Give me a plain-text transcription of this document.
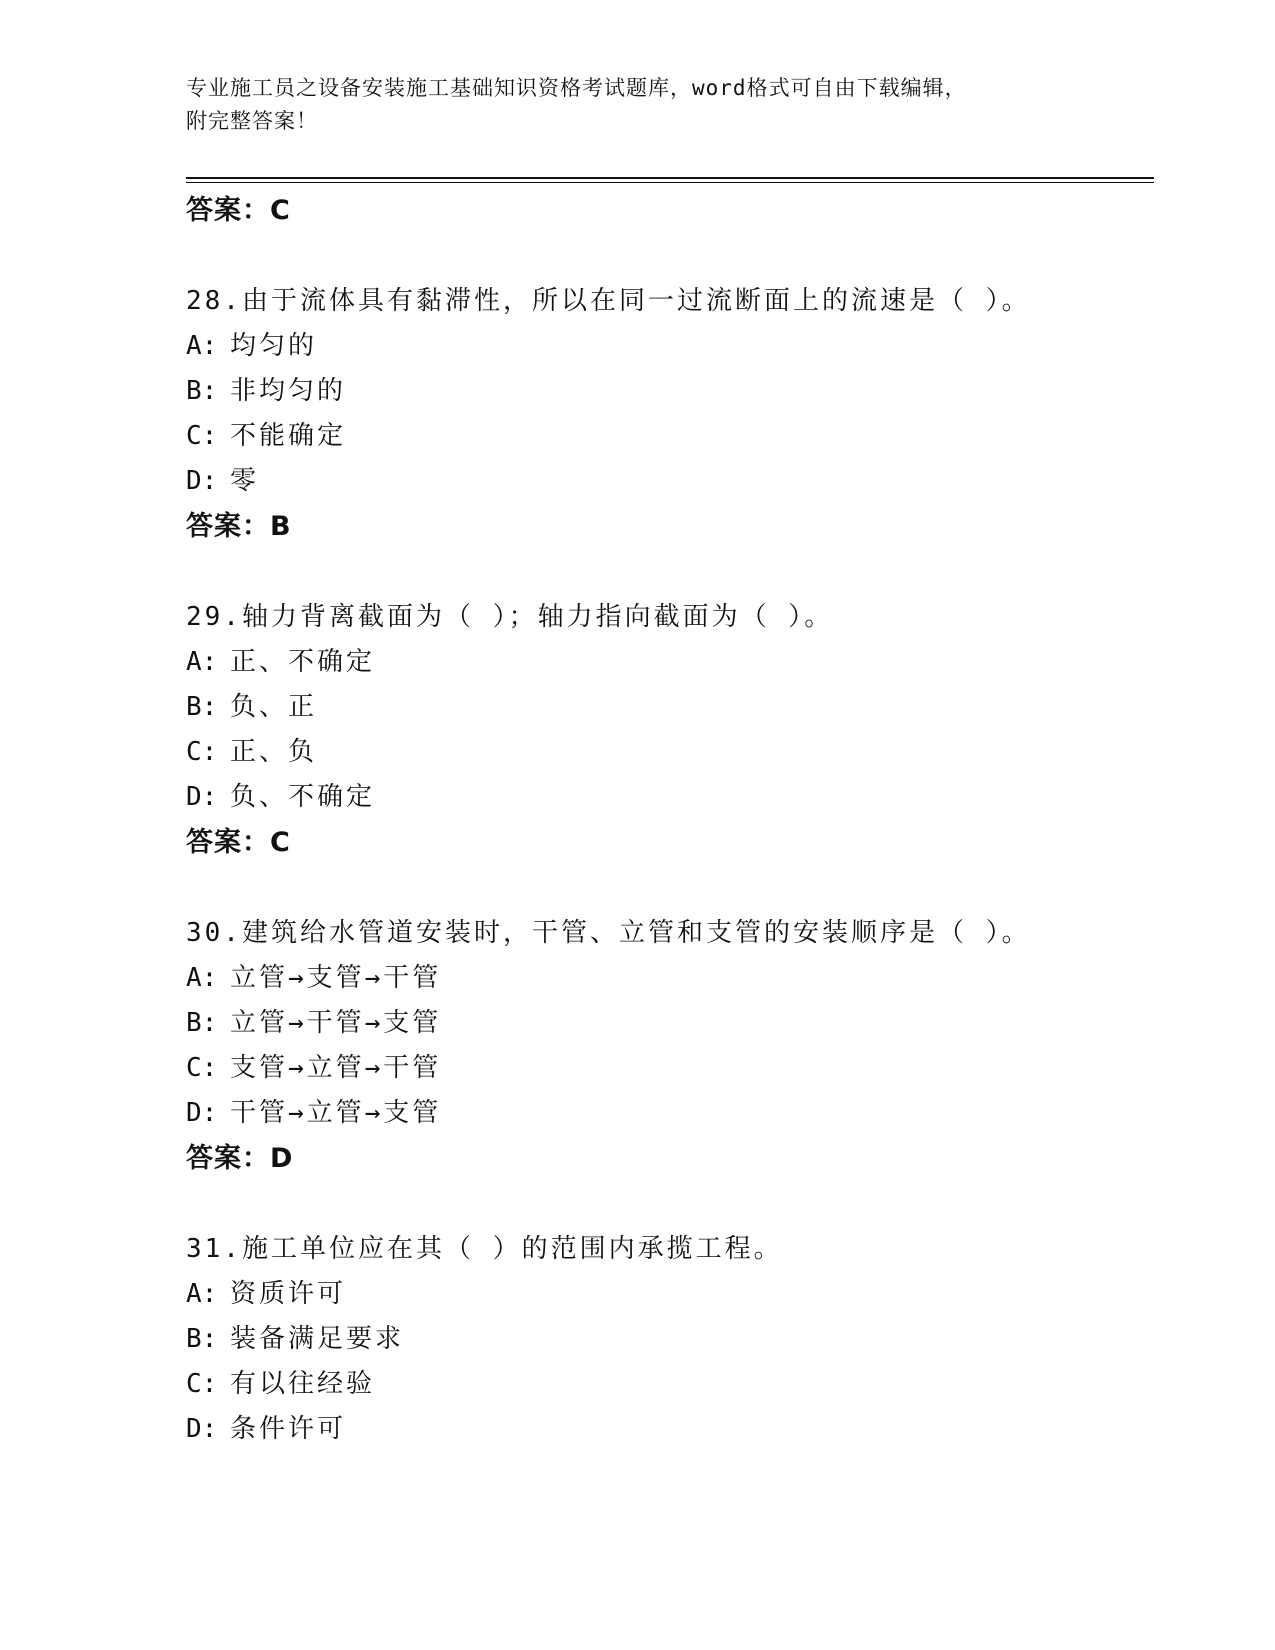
专业施工员之设备安装施工基础知识资格考试题库，word格式可自由下载编辑，
附完整答案！
答案：C
28.由于流体具有黏滞性，所以在同一过流断面上的流速是（ ）。
A: 均匀的
B: 非均匀的
C: 不能确定
D: 零
答案：B
29.轴力背离截面为（ ）；轴力指向截面为（ ）。
A: 正、不确定
B: 负、正
C: 正、负
D: 负、不确定
答案：C
30.建筑给水管道安装时，干管、立管和支管的安装顺序是（ ）。
A: 立管→支管→干管
B: 立管→干管→支管
C: 支管→立管→干管
D: 干管→立管→支管
答案：D
31.施工单位应在其（ ）的范围内承揽工程。
A: 资质许可
B: 装备满足要求
C: 有以往经验
D: 条件许可
